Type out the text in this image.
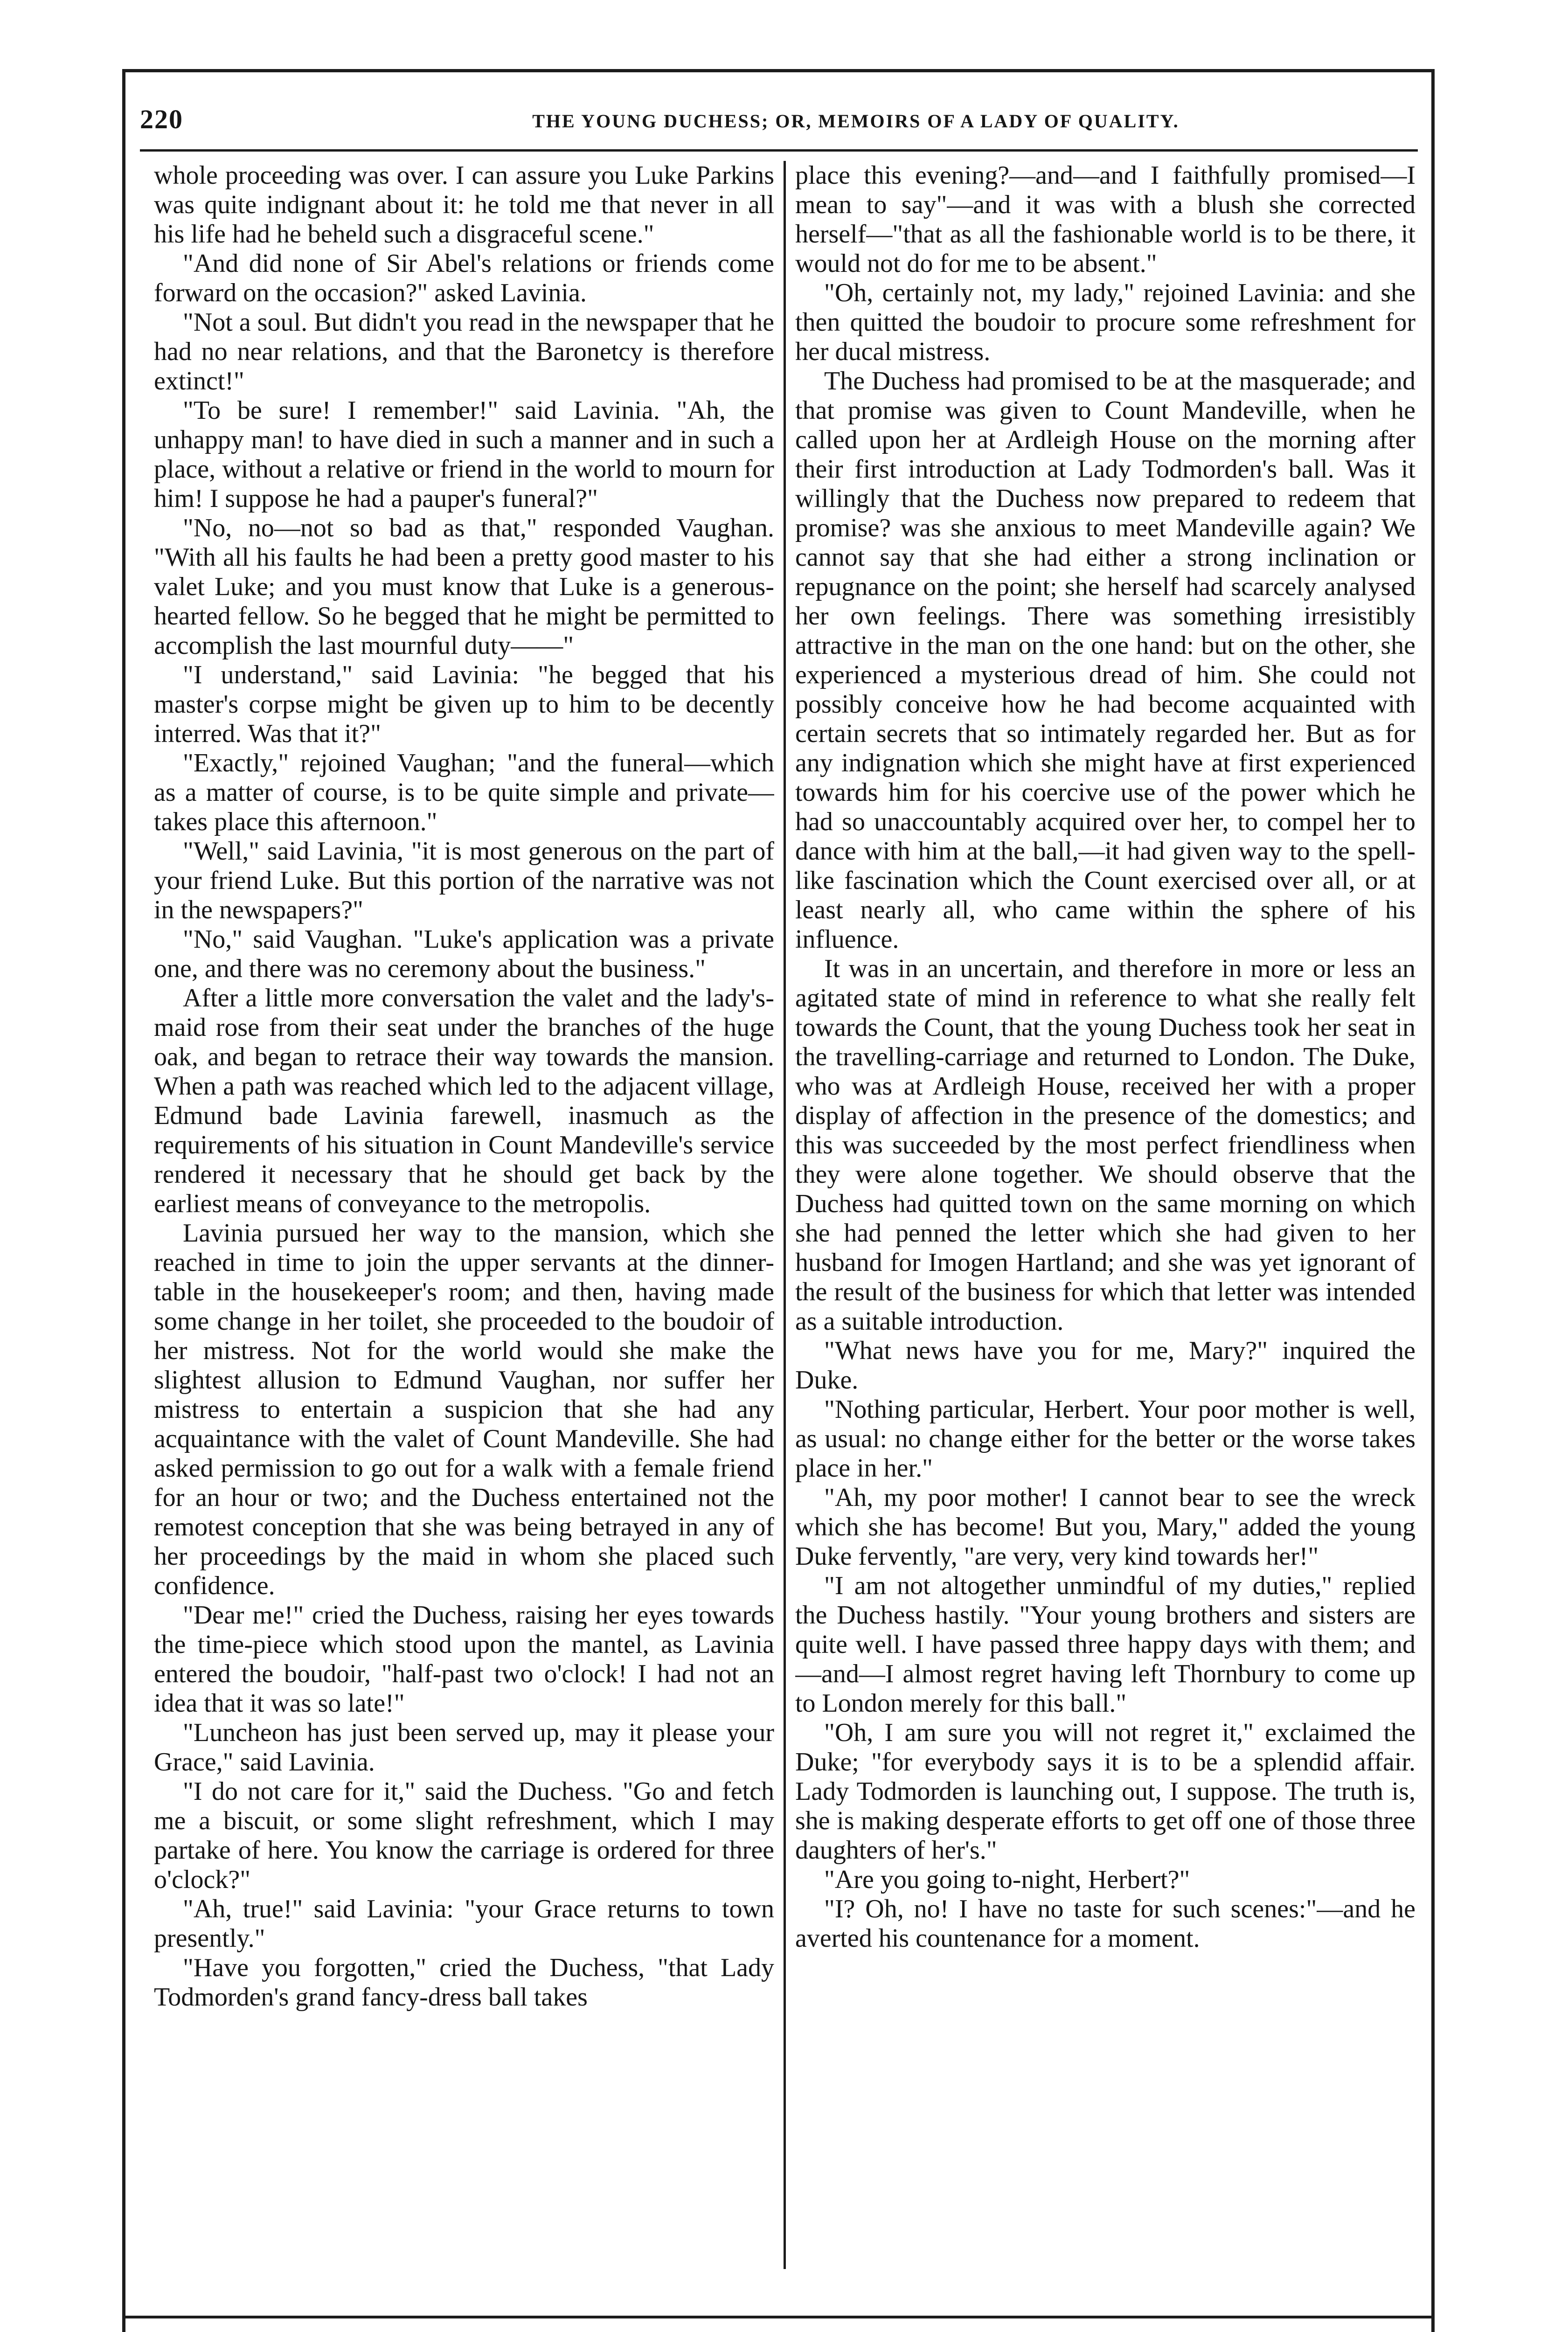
220	THE YOUNG DUCHESS; OR, MEMOIRS OF A LADY OF QUALITY.

whole proceeding was over. I can assure you Luke Parkins was quite indignant about it: he told me that never in all his life had he beheld such a disgraceful scene."

"And did none of Sir Abel's relations or friends come forward on the occasion?" asked Lavinia.

"Not a soul. But didn't you read in the newspaper that he had no near relations, and that the Baronetcy is therefore extinct!"

"To be sure! I remember!" said Lavinia. "Ah, the unhappy man! to have died in such a manner and in such a place, without a relative or friend in the world to mourn for him! I suppose he had a pauper's funeral?"

"No, no—not so bad as that," responded Vaughan. "With all his faults he had been a pretty good master to his valet Luke; and you must know that Luke is a generous-hearted fellow. So he begged that he might be permitted to accomplish the last mournful duty——"

"I understand," said Lavinia: "he begged that his master's corpse might be given up to him to be decently interred. Was that it?"

"Exactly," rejoined Vaughan; "and the funeral—which as a matter of course, is to be quite simple and private—takes place this afternoon."

"Well," said Lavinia, "it is most generous on the part of your friend Luke. But this portion of the narrative was not in the newspapers?"

"No," said Vaughan. "Luke's application was a private one, and there was no ceremony about the business."

After a little more conversation the valet and the lady's-maid rose from their seat under the branches of the huge oak, and began to retrace their way towards the mansion. When a path was reached which led to the adjacent village, Edmund bade Lavinia farewell, inasmuch as the requirements of his situation in Count Mandeville's service rendered it necessary that he should get back by the earliest means of conveyance to the metropolis.

Lavinia pursued her way to the mansion, which she reached in time to join the upper servants at the dinner-table in the housekeeper's room; and then, having made some change in her toilet, she proceeded to the boudoir of her mistress. Not for the world would she make the slightest allusion to Edmund Vaughan, nor suffer her mistress to entertain a suspicion that she had any acquaintance with the valet of Count Mandeville. She had asked permission to go out for a walk with a female friend for an hour or two; and the Duchess entertained not the remotest conception that she was being betrayed in any of her proceedings by the maid in whom she placed such confidence.

"Dear me!" cried the Duchess, raising her eyes towards the time-piece which stood upon the mantel, as Lavinia entered the boudoir, "half-past two o'clock! I had not an idea that it was so late!"

"Luncheon has just been served up, may it please your Grace," said Lavinia.

"I do not care for it," said the Duchess. "Go and fetch me a biscuit, or some slight refreshment, which I may partake of here. You know the carriage is ordered for three o'clock?"

"Ah, true!" said Lavinia: "your Grace returns to town presently."

"Have you forgotten," cried the Duchess, "that Lady Todmorden's grand fancy-dress ball takes

place this evening?—and—and I faithfully promised—I mean to say"—and it was with a blush she corrected herself—"that as all the fashionable world is to be there, it would not do for me to be absent."

"Oh, certainly not, my lady," rejoined Lavinia: and she then quitted the boudoir to procure some refreshment for her ducal mistress.

The Duchess had promised to be at the masquerade; and that promise was given to Count Mandeville, when he called upon her at Ardleigh House on the morning after their first introduction at Lady Todmorden's ball. Was it willingly that the Duchess now prepared to redeem that promise? was she anxious to meet Mandeville again? We cannot say that she had either a strong inclination or repugnance on the point; she herself had scarcely analysed her own feelings. There was something irresistibly attractive in the man on the one hand: but on the other, she experienced a mysterious dread of him. She could not possibly conceive how he had become acquainted with certain secrets that so intimately regarded her. But as for any indignation which she might have at first experienced towards him for his coercive use of the power which he had so unaccountably acquired over her, to compel her to dance with him at the ball,—it had given way to the spell-like fascination which the Count exercised over all, or at least nearly all, who came within the sphere of his influence.

It was in an uncertain, and therefore in more or less an agitated state of mind in reference to what she really felt towards the Count, that the young Duchess took her seat in the travelling-carriage and returned to London. The Duke, who was at Ardleigh House, received her with a proper display of affection in the presence of the domestics; and this was succeeded by the most perfect friendliness when they were alone together. We should observe that the Duchess had quitted town on the same morning on which she had penned the letter which she had given to her husband for Imogen Hartland; and she was yet ignorant of the result of the business for which that letter was intended as a suitable introduction.

"What news have you for me, Mary?" inquired the Duke.

"Nothing particular, Herbert. Your poor mother is well, as usual: no change either for the better or the worse takes place in her."

"Ah, my poor mother! I cannot bear to see the wreck which she has become! But you, Mary," added the young Duke fervently, "are very, very kind towards her!"

"I am not altogether unmindful of my duties," replied the Duchess hastily. "Your young brothers and sisters are quite well. I have passed three happy days with them; and—and—I almost regret having left Thornbury to come up to London merely for this ball."

"Oh, I am sure you will not regret it," exclaimed the Duke; "for everybody says it is to be a splendid affair. Lady Todmorden is launching out, I suppose. The truth is, she is making desperate efforts to get off one of those three daughters of her's."

"Are you going to-night, Herbert?"

"I? Oh, no! I have no taste for such scenes:"—and he averted his countenance for a moment.
